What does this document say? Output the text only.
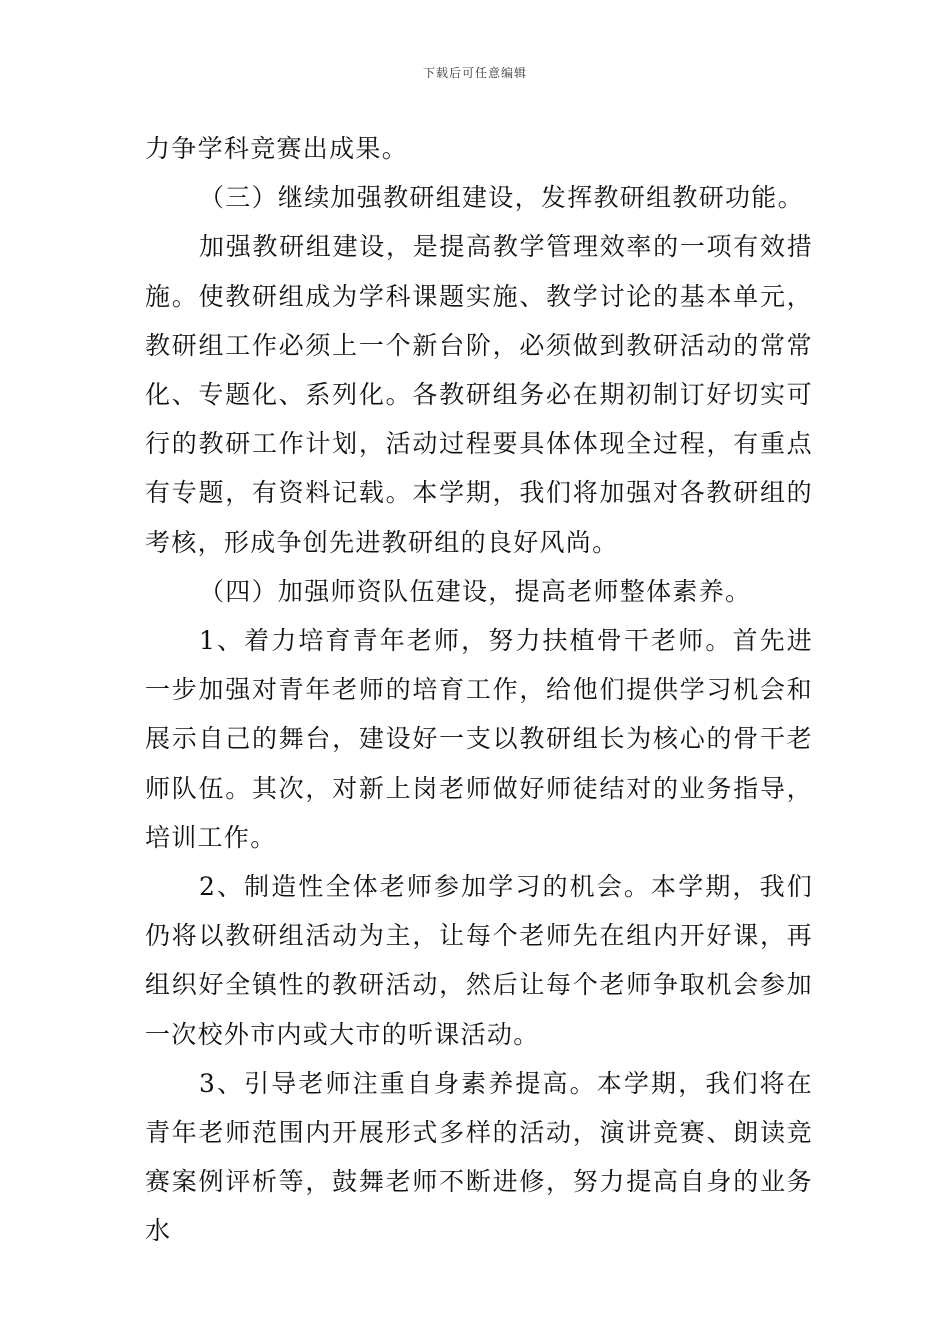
下载后可任意编辑

力争学科竞赛出成果。

（三）继续加强教研组建设，发挥教研组教研功能。

加强教研组建设，是提高教学管理效率的一项有效措施。使教研组成为学科课题实施、教学讨论的基本单元，教研组工作必须上一个新台阶，必须做到教研活动的常常化、专题化、系列化。各教研组务必在期初制订好切实可行的教研工作计划，活动过程要具体体现全过程，有重点有专题，有资料记载。本学期，我们将加强对各教研组的考核，形成争创先进教研组的良好风尚。

（四）加强师资队伍建设，提高老师整体素养。

1、着力培育青年老师，努力扶植骨干老师。首先进一步加强对青年老师的培育工作，给他们提供学习机会和展示自己的舞台，建设好一支以教研组长为核心的骨干老师队伍。其次，对新上岗老师做好师徒结对的业务指导，培训工作。

2、制造性全体老师参加学习的机会。本学期，我们仍将以教研组活动为主，让每个老师先在组内开好课，再组织好全镇性的教研活动，然后让每个老师争取机会参加一次校外市内或大市的听课活动。

3、引导老师注重自身素养提高。本学期，我们将在青年老师范围内开展形式多样的活动，演讲竞赛、朗读竞赛案例评析等，鼓舞老师不断进修，努力提高自身的业务水
